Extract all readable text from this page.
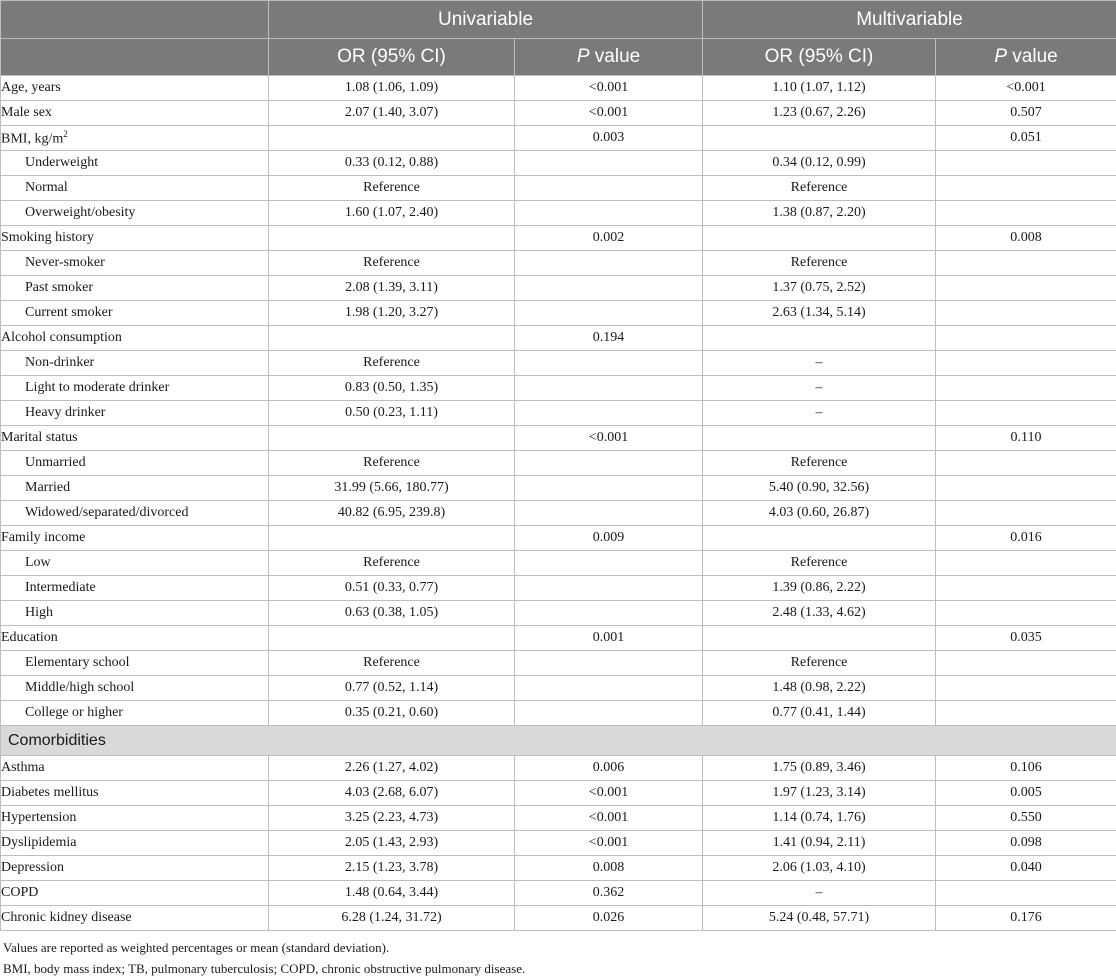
	Univariable		Multivariable	
	OR (95% CI)	P value	OR (95% CI)	P value
Age, years	1.08 (1.06, 1.09)	<0.001	1.10 (1.07, 1.12)	<0.001
Male sex	2.07 (1.40, 3.07)	<0.001	1.23 (0.67, 2.26)	0.507
BMI, $kg/m^2$		0.003		0.051
Underweight	0.33 (0.12, 0.88)		0.34 (0.12, 0.99)	
Normal	Reference		Reference	
Overweight/obesity	1.60 (1.07, 2.40)		1.38 (0.87, 2.20)	
Smoking history		0.002		0.008
Never-smoker	Reference		Reference	
Past smoker	2.08 (1.39, 3.11)		1.37 (0.75, 2.52)	
Current smoker	1.98 (1.20, 3.27)		2.63 (1.34, 5.14)	
Alcohol consumption		0.194		
Non-drinker	Reference		–	
Light to moderate drinker	0.83 (0.50, 1.35)		–	
Heavy drinker	0.50 (0.23, 1.11)		–	
Marital status		<0.001		0.110
Unmarried	Reference		Reference	
Married	31.99 (5.66, 180.77)		5.40 (0.90, 32.56)	
Widowed/separated/divorced	40.82 (6.95, 239.8)		4.03 (0.60, 26.87)	
Family income		0.009		0.016
Low	Reference		Reference	
Intermediate	0.51 (0.33, 0.77)		1.39 (0.86, 2.22)	
High	0.63 (0.38, 1.05)		2.48 (1.33, 4.62)	
Education		0.001		0.035
Elementary school	Reference		Reference	
Middle/high school	0.77 (0.52, 1.14)		1.48 (0.98, 2.22)	
College or higher	0.35 (0.21, 0.60)		0.77 (0.41, 1.44)	
Comorbidities				
Asthma	2.26 (1.27, 4.02)	0.006	1.75 (0.89, 3.46)	0.106
Diabetes mellitus	4.03 (2.68, 6.07)	<0.001	1.97 (1.23, 3.14)	0.005
Hypertension	3.25 (2.23, 4.73)	<0.001	1.14 (0.74, 1.76)	0.550
Dyslipidemia	2.05 (1.43, 2.93)	<0.001	1.41 (0.94, 2.11)	0.098
Depression	2.15 (1.23, 3.78)	0.008	2.06 (1.03, 4.10)	0.040
COPD	1.48 (0.64, 3.44)	0.362	–	
Chronic kidney disease	6.28 (1.24, 31.72)	0.026	5.24 (0.48, 57.71)	0.176
Values are reported as weighted percentages or mean (standard deviation).
BMI, body mass index; TB, pulmonary tuberculosis; COPD, chronic obstructive pulmonary disease.
